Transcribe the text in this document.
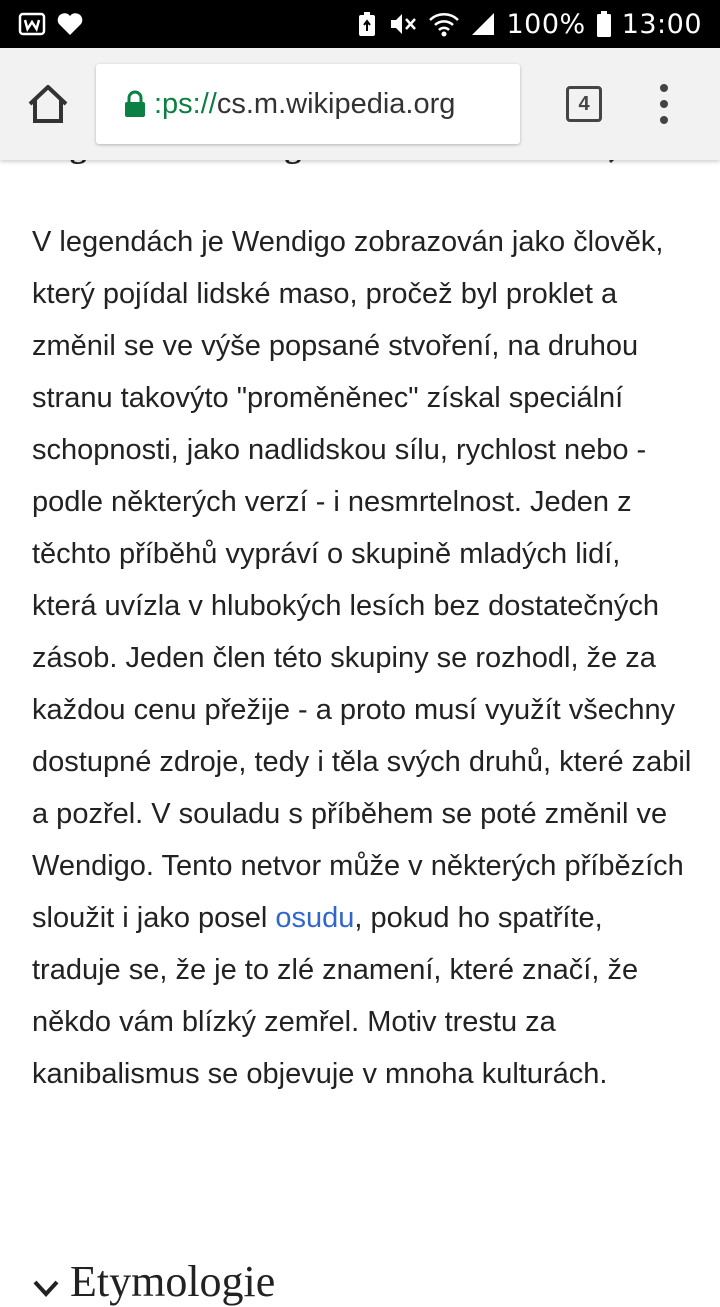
V legendách je Wendigo zobrazován jako člověk, který pojídal lidské maso, pročež byl proklet a změnil se ve výše popsané stvoření, na druhou stranu takovýto "proměněnec" získal speciální schopnosti, jako nadlidskou sílu, rychlost nebo - podle některých verzí - i nesmrtelnost. Jeden z těchto příběhů vypráví o skupině mladých lidí, která uvízla v hlubokých lesích bez dostatečných zásob. Jeden člen této skupiny se rozhodl, že za každou cenu přežije - a proto musí využít všechny dostupné zdroje, tedy i těla svých druhů, které zabil a pozřel. V souladu s příběhem se poté změnil ve Wendigo. Tento netvor může v některých příbězích sloužit i jako posel osudu, pokud ho spatříte, traduje se, že je to zlé znamení, které značí, že někdo vám blízký zemřel. Motiv trestu za kanibalismus se objevuje v mnoha kulturách.

Etymologie
100% 13:00
:ps://cs.m.wikipedia.org	4
